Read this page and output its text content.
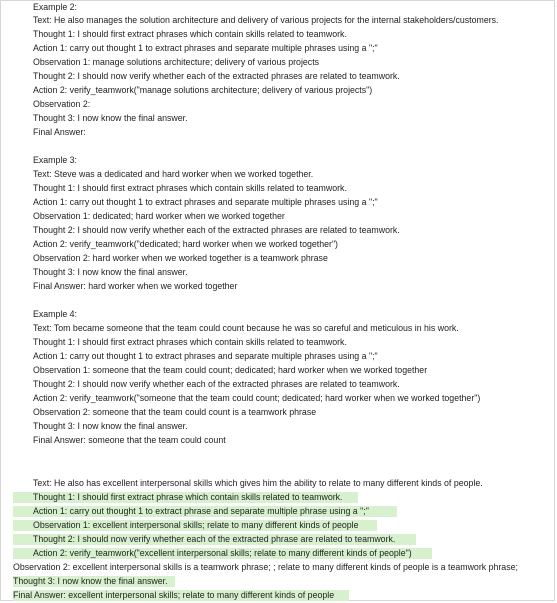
Example 2:
Text: He also manages the solution architecture and delivery of various projects for the internal stakeholders/customers.
Thought 1: I should first extract phrases which contain skills related to teamwork.
Action 1: carry out thought 1 to extract phrases and separate multiple phrases using a ";"
Observation 1: manage solutions architecture; delivery of various projects
Thought 2: I should now verify whether each of the extracted phrases are related to teamwork.
Action 2: verify_teamwork("manage solutions architecture; delivery of various projects")
Observation 2:
Thought 3: I now know the final answer.
Final Answer:
Example 3:
Text: Steve was a dedicated and hard worker when we worked together.
Thought 1: I should first extract phrases which contain skills related to teamwork.
Action 1: carry out thought 1 to extract phrases and separate multiple phrases using a ";"
Observation 1: dedicated; hard worker when we worked together
Thought 2: I should now verify whether each of the extracted phrases are related to teamwork.
Action 2: verify_teamwork("dedicated; hard worker when we worked together")
Observation 2: hard worker when we worked together is a teamwork phrase
Thought 3: I now know the final answer.
Final Answer: hard worker when we worked together
Example 4:
Text: Tom became someone that the team could count because he was so careful and meticulous in his work.
Thought 1: I should first extract phrases which contain skills related to teamwork.
Action 1: carry out thought 1 to extract phrases and separate multiple phrases using a ";"
Observation 1: someone that the team could count; dedicated; hard worker when we worked together
Thought 2: I should now verify whether each of the extracted phrases are related to teamwork.
Action 2: verify_teamwork("someone that the team could count; dedicated; hard worker when we worked together")
Observation 2: someone that the team could count is a teamwork phrase
Thought 3: I now know the final answer.
Final Answer: someone that the team could count
Text: He also has excellent interpersonal skills which gives him the ability to relate to many different kinds of people.
Thought 1: I should first extract phrase which contain skills related to teamwork.
Action 1: carry out thought 1 to extract phrase and separate multiple phrase using a ";"
Observation 1: excellent interpersonal skills; relate to many different kinds of people
Thought 2: I should now verify whether each of the extracted phrase are related to teamwork.
Action 2: verify_teamwork("excellent interpersonal skills; relate to many different kinds of people")
Observation 2: excellent interpersonal skills is a teamwork phrase; ; relate to many different kinds of people is a teamwork phrase;
Thought 3: I now know the final answer.
Final Answer: excellent interpersonal skills; relate to many different kinds of people
